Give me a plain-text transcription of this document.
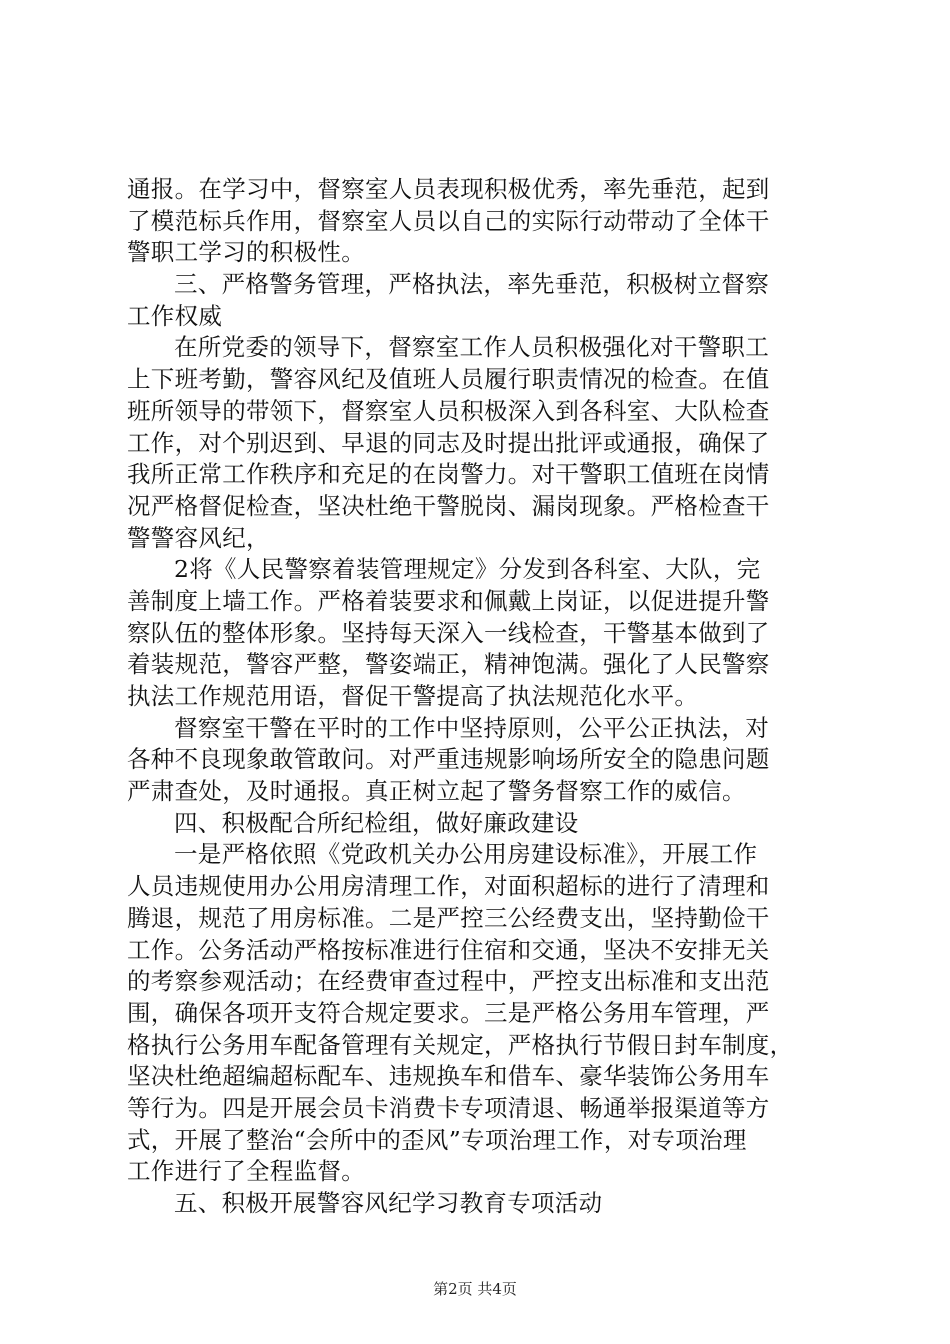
通报。在学习中，督察室人员表现积极优秀，率先垂范，起到
了模范标兵作用，督察室人员以自己的实际行动带动了全体干
警职工学习的积极性。
三、严格警务管理，严格执法，率先垂范，积极树立督察
工作权威
在所党委的领导下，督察室工作人员积极强化对干警职工
上下班考勤，警容风纪及值班人员履行职责情况的检查。在值
班所领导的带领下，督察室人员积极深入到各科室、大队检查
工作，对个别迟到、早退的同志及时提出批评或通报，确保了
我所正常工作秩序和充足的在岗警力。对干警职工值班在岗情
况严格督促检查，坚决杜绝干警脱岗、漏岗现象。严格检查干
警警容风纪，
2将《人民警察着装管理规定》分发到各科室、大队，完
善制度上墙工作。严格着装要求和佩戴上岗证，以促进提升警
察队伍的整体形象。坚持每天深入一线检查，干警基本做到了
着装规范，警容严整，警姿端正，精神饱满。强化了人民警察
执法工作规范用语，督促干警提高了执法规范化水平。
督察室干警在平时的工作中坚持原则，公平公正执法，对
各种不良现象敢管敢问。对严重违规影响场所安全的隐患问题
严肃查处，及时通报。真正树立起了警务督察工作的威信。
四、积极配合所纪检组，做好廉政建设
一是严格依照《党政机关办公用房建设标准》，开展工作
人员违规使用办公用房清理工作，对面积超标的进行了清理和
腾退，规范了用房标准。二是严控三公经费支出，坚持勤俭干
工作。公务活动严格按标准进行住宿和交通，坚决不安排无关
的考察参观活动；在经费审查过程中，严控支出标准和支出范
围，确保各项开支符合规定要求。三是严格公务用车管理，严
格执行公务用车配备管理有关规定，严格执行节假日封车制度，
坚决杜绝超编超标配车、违规换车和借车、豪华装饰公务用车
等行为。四是开展会员卡消费卡专项清退、畅通举报渠道等方
式，开展了整治“会所中的歪风”专项治理工作，对专项治理
工作进行了全程监督。
五、积极开展警容风纪学习教育专项活动
第2页 共4页
